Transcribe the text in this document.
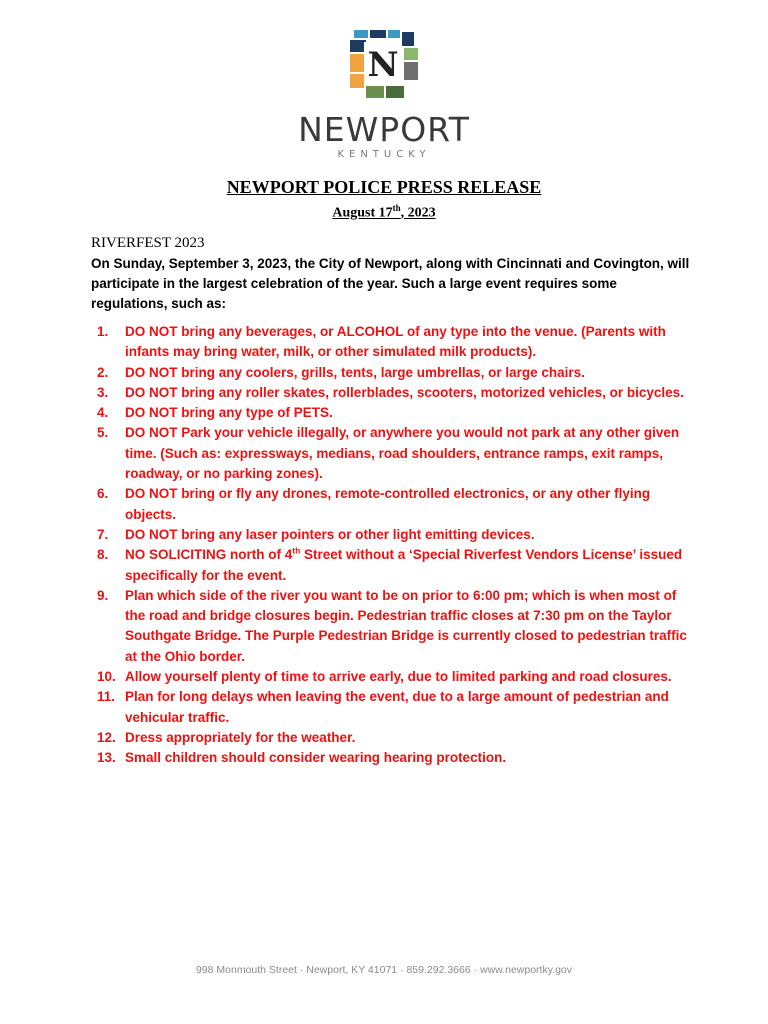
N
NEWPORT
KENTUCKY
NEWPORT POLICE PRESS RELEASE
August 17th, 2023
RIVERFEST 2023
On Sunday, September 3, 2023, the City of Newport, along with Cincinnati and Covington, will participate in the largest celebration of the year. Such a large event requires some regulations, such as:
1.	DO NOT bring any beverages, or ALCOHOL of any type into the venue. (Parents with infants may bring water, milk, or other simulated milk products).
2.	DO NOT bring any coolers, grills, tents, large umbrellas, or large chairs.
3.	DO NOT bring any roller skates, rollerblades, scooters, motorized vehicles, or bicycles.
4.	DO NOT bring any type of PETS.
5.	DO NOT Park your vehicle illegally, or anywhere you would not park at any other given time. (Such as: expressways, medians, road shoulders, entrance ramps, exit ramps, roadway, or no parking zones).
6.	DO NOT bring or fly any drones, remote-controlled electronics, or any other flying objects.
7.	DO NOT bring any laser pointers or other light emitting devices.
8.	NO SOLICITING north of 4th Street without a ‘Special Riverfest Vendors License’ issued specifically for the event.
9.	Plan which side of the river you want to be on prior to 6:00 pm; which is when most of the road and bridge closures begin. Pedestrian traffic closes at 7:30 pm on the Taylor Southgate Bridge. The Purple Pedestrian Bridge is currently closed to pedestrian traffic at the Ohio border.
10. Allow yourself plenty of time to arrive early, due to limited parking and road closures.
11. Plan for long delays when leaving the event, due to a large amount of pedestrian and vehicular traffic.
12. Dress appropriately for the weather.
13. Small children should consider wearing hearing protection.
998 Monmouth Street · Newport, KY 41071 · 859.292.3666 · www.newportky.gov
